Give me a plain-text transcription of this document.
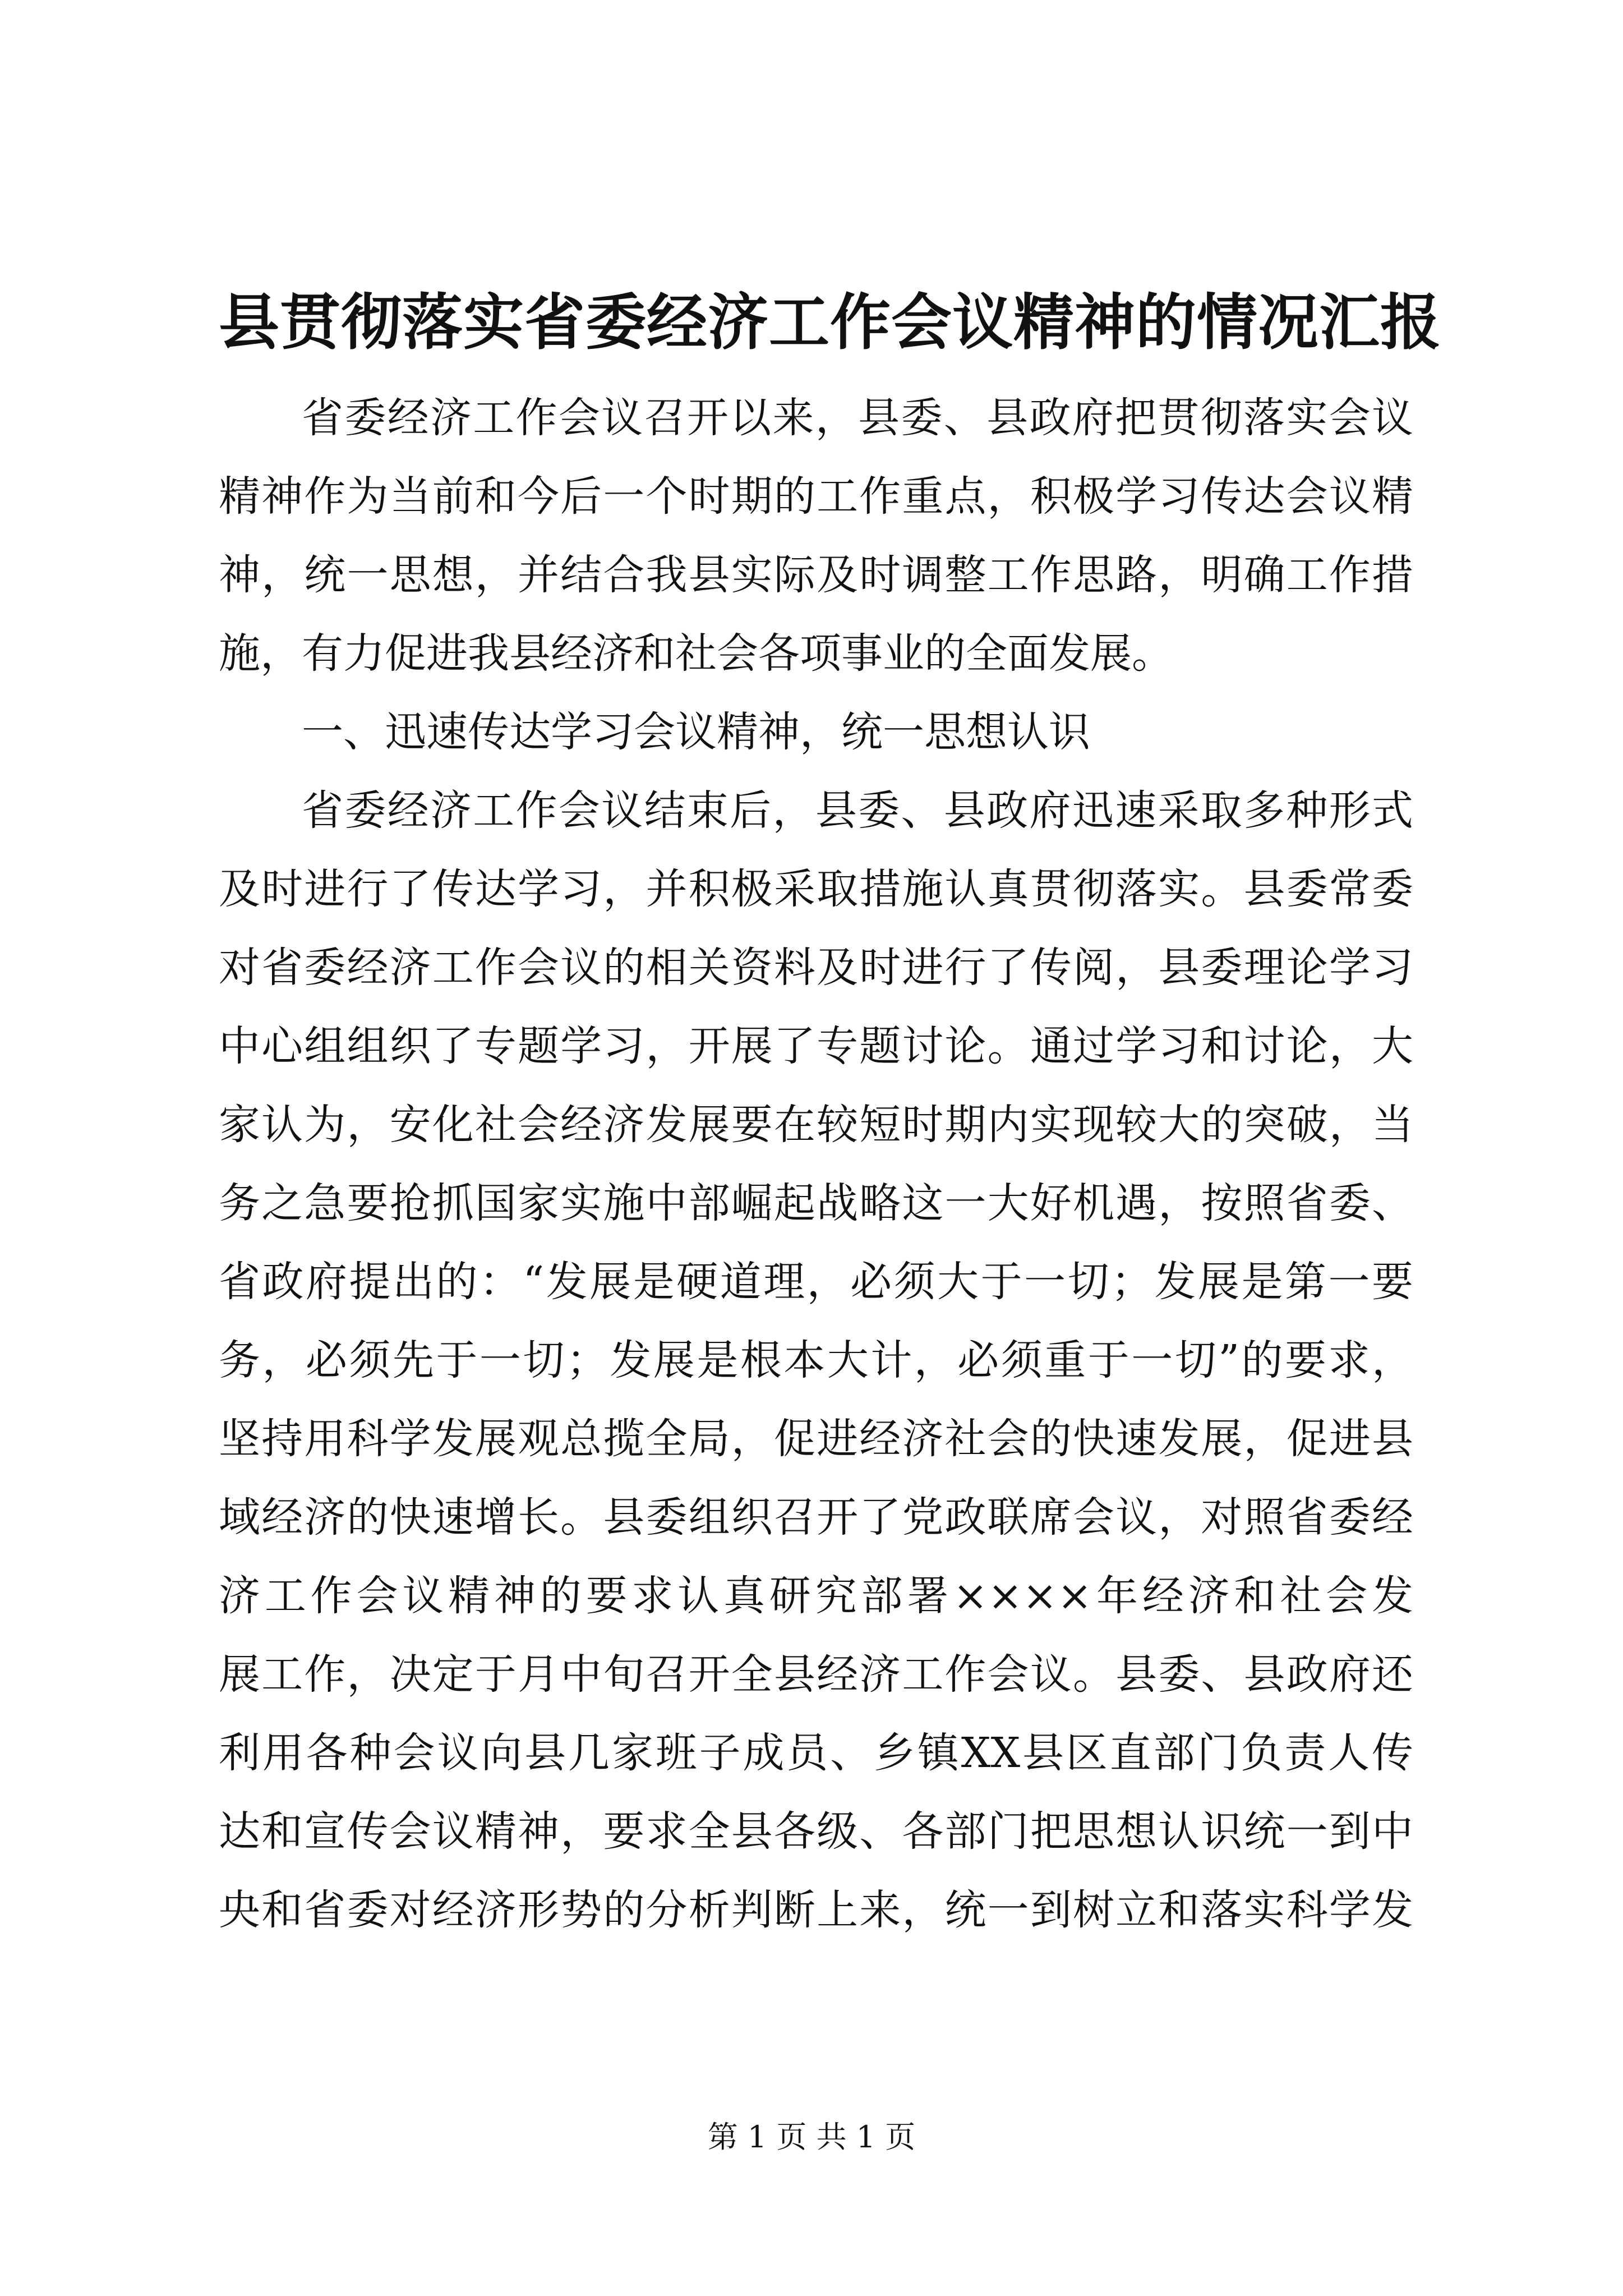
县贯彻落实省委经济工作会议精神的情况汇报
省委经济工作会议召开以来，县委、县政府把贯彻落实会议
精神作为当前和今后一个时期的工作重点，积极学习传达会议精
神，统一思想，并结合我县实际及时调整工作思路，明确工作措
施，有力促进我县经济和社会各项事业的全面发展。
一、迅速传达学习会议精神，统一思想认识
省委经济工作会议结束后，县委、县政府迅速采取多种形式
及时进行了传达学习，并积极采取措施认真贯彻落实。县委常委
对省委经济工作会议的相关资料及时进行了传阅，县委理论学习
中心组组织了专题学习，开展了专题讨论。通过学习和讨论，大
家认为，安化社会经济发展要在较短时期内实现较大的突破，当
务之急要抢抓国家实施中部崛起战略这一大好机遇，按照省委、
省政府提出的：“发展是硬道理，必须大于一切；发展是第一要
务，必须先于一切；发展是根本大计，必须重于一切”的要求，
坚持用科学发展观总揽全局，促进经济社会的快速发展，促进县
域经济的快速增长。县委组织召开了党政联席会议，对照省委经
济工作会议精神的要求认真研究部署××××年经济和社会发
展工作，决定于月中旬召开全县经济工作会议。县委、县政府还
利用各种会议向县几家班子成员、乡镇XX县区直部门负责人传
达和宣传会议精神，要求全县各级、各部门把思想认识统一到中
央和省委对经济形势的分析判断上来，统一到树立和落实科学发
第 1 页 共 1 页
